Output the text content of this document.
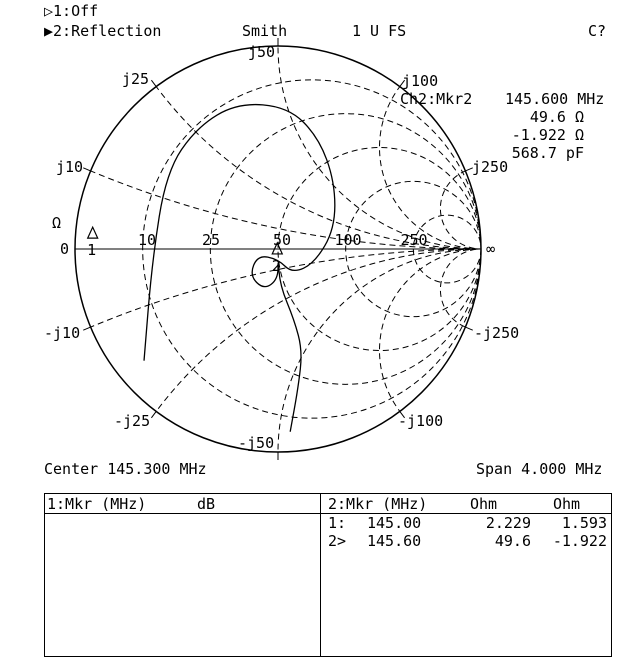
▷1:Off
▶2:Reflection	Smith	1 U FS	C?
Ω
0	∞
10	25	50	100	250
j10
j25
j50
j100
j250
-j10
-j25
-j50
-j100
-j250
1
2
Ch2:Mkr2 145.600 MHz
49.6 Ω
-1.922 Ω
568.7 pF
Center 145.300 MHz	Span 4.000 MHz
1:Mkr (MHz)	dB	2:Mkr (MHz)	Ohm	Ohm
1: 145.00	2.229 1.593
2> 145.60	49.6 -1.922
